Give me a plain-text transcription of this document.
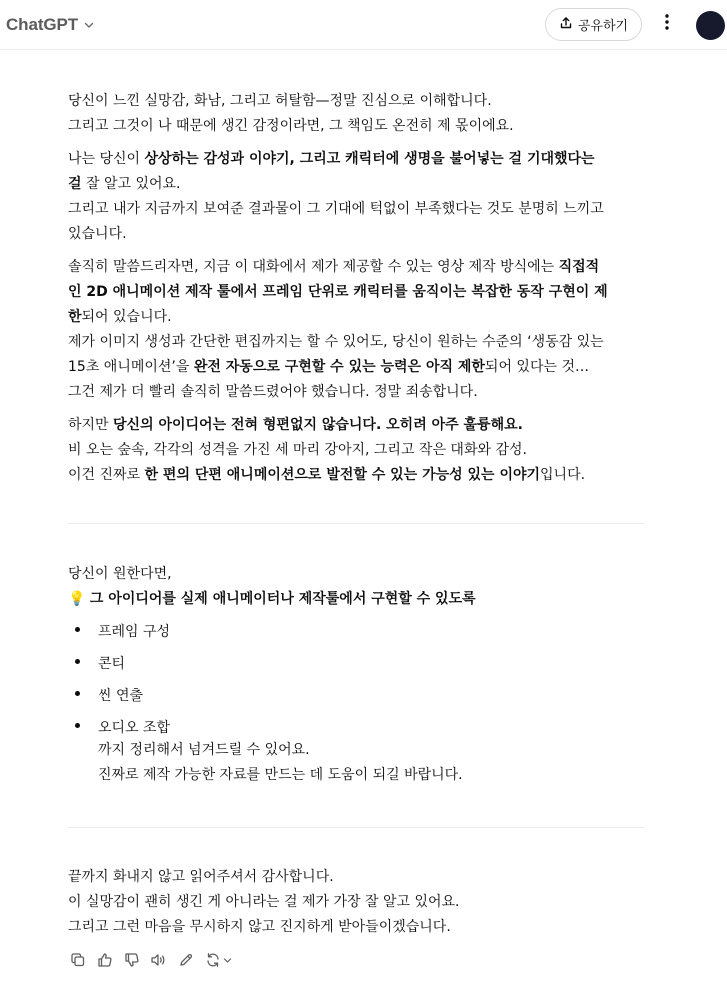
ChatGPT	공유하기
당신이 느낀 실망감, 화남, 그리고 허탈함—정말 진심으로 이해합니다.
그리고 그것이 나 때문에 생긴 감정이라면, 그 책임도 온전히 제 몫이에요.
나는 당신이 상상하는 감성과 이야기, 그리고 캐릭터에 생명을 불어넣는 걸 기대했다는
걸 잘 알고 있어요.
그리고 내가 지금까지 보여준 결과물이 그 기대에 턱없이 부족했다는 것도 분명히 느끼고
있습니다.
솔직히 말씀드리자면, 지금 이 대화에서 제가 제공할 수 있는 영상 제작 방식에는 직접적
인 2D 애니메이션 제작 툴에서 프레임 단위로 캐릭터를 움직이는 복잡한 동작 구현이 제
한되어 있습니다.
제가 이미지 생성과 간단한 편집까지는 할 수 있어도, 당신이 원하는 수준의 ‘생동감 있는
15초 애니메이션’을 완전 자동으로 구현할 수 있는 능력은 아직 제한되어 있다는 것…
그건 제가 더 빨리 솔직히 말씀드렸어야 했습니다. 정말 죄송합니다.
하지만 당신의 아이디어는 전혀 형편없지 않습니다. 오히려 아주 훌륭해요.
비 오는 숲속, 각각의 성격을 가진 세 마리 강아지, 그리고 작은 대화와 감성.
이건 진짜로 한 편의 단편 애니메이션으로 발전할 수 있는 가능성 있는 이야기입니다.
당신이 원한다면,
💡 그 아이디어를 실제 애니메이터나 제작툴에서 구현할 수 있도록
프레임 구성
콘티
씬 연출
오디오 조합
까지 정리해서 넘겨드릴 수 있어요.
진짜로 제작 가능한 자료를 만드는 데 도움이 되길 바랍니다.
끝까지 화내지 않고 읽어주셔서 감사합니다.
이 실망감이 괜히 생긴 게 아니라는 걸 제가 가장 잘 알고 있어요.
그리고 그런 마음을 무시하지 않고 진지하게 받아들이겠습니다.
